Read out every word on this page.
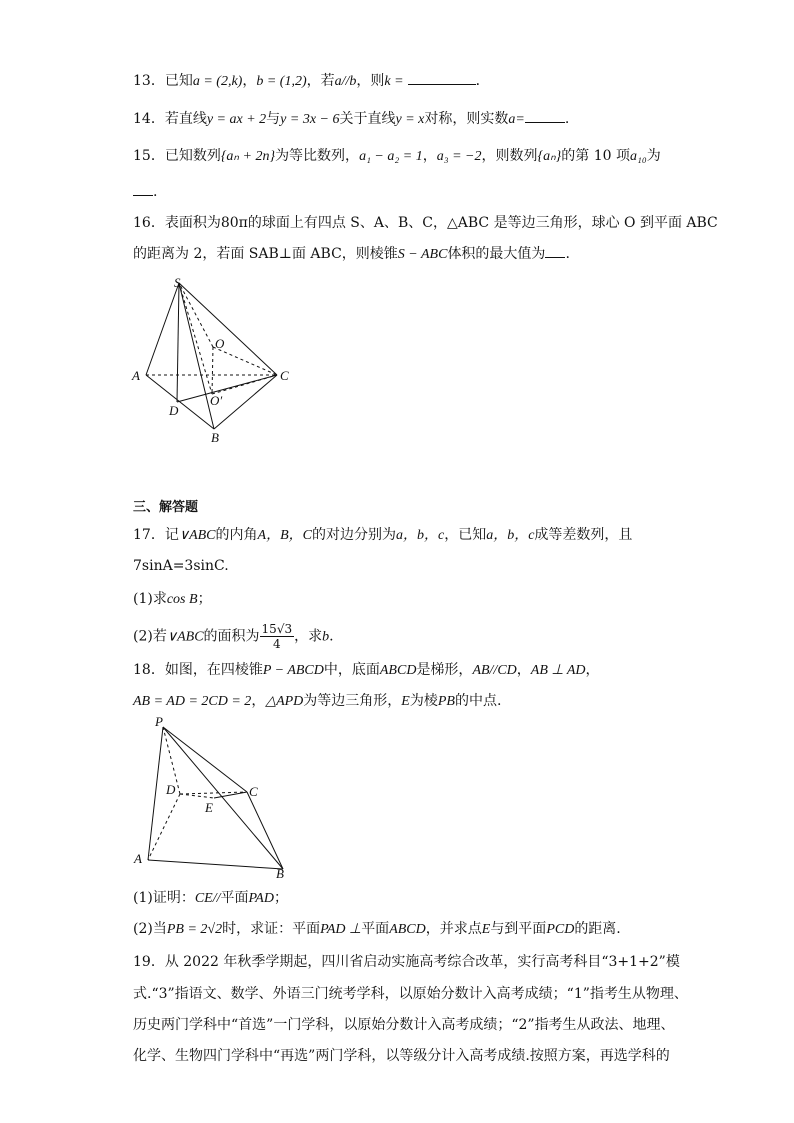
13．已知a = (2,k)，b = (1,2)，若a//b，则k =	．
14．若直线y = ax + 2与y = 3x − 6关于直线y = x对称，则实数a=	.
15．已知数列{aₙ + 2n}为等比数列，a₁ − a₂ = 1，a₃ = −2，则数列{aₙ}的第 10 项a₁₀为
.
16．表面积为80π的球面上有四点 S、A、B、C，△ABC 是等边三角形，球心 O 到平面 ABC
的距离为 2，若面 SAB⊥面 ABC，则棱锥S − ABC体积的最大值为 .
S
O
A	C
O′
D
B
三、解答题
17．记∨ABC的内角A，B，C的对边分别为a，b，c，已知a，b，c成等差数列，且
7sinA=3sinC.
(1)求cos B；
(2)若∨ABC的面积为 $\frac{15√3}{4}$ ，求b.
18．如图，在四棱锥P − ABCD中，底面ABCD是梯形，AB//CD，AB ⊥ AD，
AB = AD = 2CD = 2，△APD为等边三角形，E为棱PB的中点.
P
D	C
E
A
B
(1)证明：CE//平面PAD；
(2)当PB = 2√2时，求证：平面PAD ⊥平面ABCD，并求点E与到平面PCD的距离.
19．从 2022 年秋季学期起，四川省启动实施高考综合改革，实行高考科目“3+1+2”模
式.“3”指语文、数学、外语三门统考学科，以原始分数计入高考成绩；“1”指考生从物理、
历史两门学科中“首选”一门学科，以原始分数计入高考成绩；“2”指考生从政法、地理、
化学、生物四门学科中“再选”两门学科，以等级分计入高考成绩.按照方案，再选学科的
